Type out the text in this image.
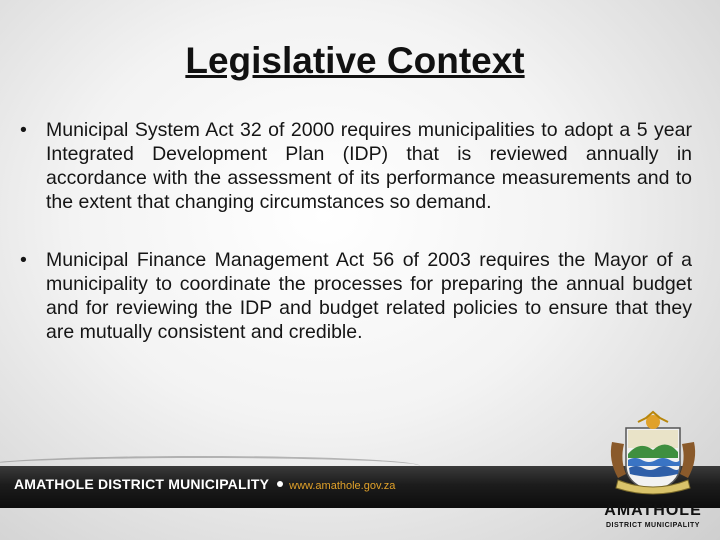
Legislative Context
• Municipal System Act 32 of 2000 requires municipalities to adopt a 5 year Integrated Development Plan (IDP) that is reviewed annually in accordance with the assessment of its performance measurements and to the extent that changing circumstances so demand.
• Municipal Finance Management Act 56 of 2003 requires the Mayor of a municipality to coordinate the processes for preparing the annual budget and for reviewing the IDP and budget related policies to ensure that they are mutually consistent and credible.
AMATHOLE DISTRICT MUNICIPALITY www.amathole.gov.za
AMATHOLE
DISTRICT MUNICIPALITY
